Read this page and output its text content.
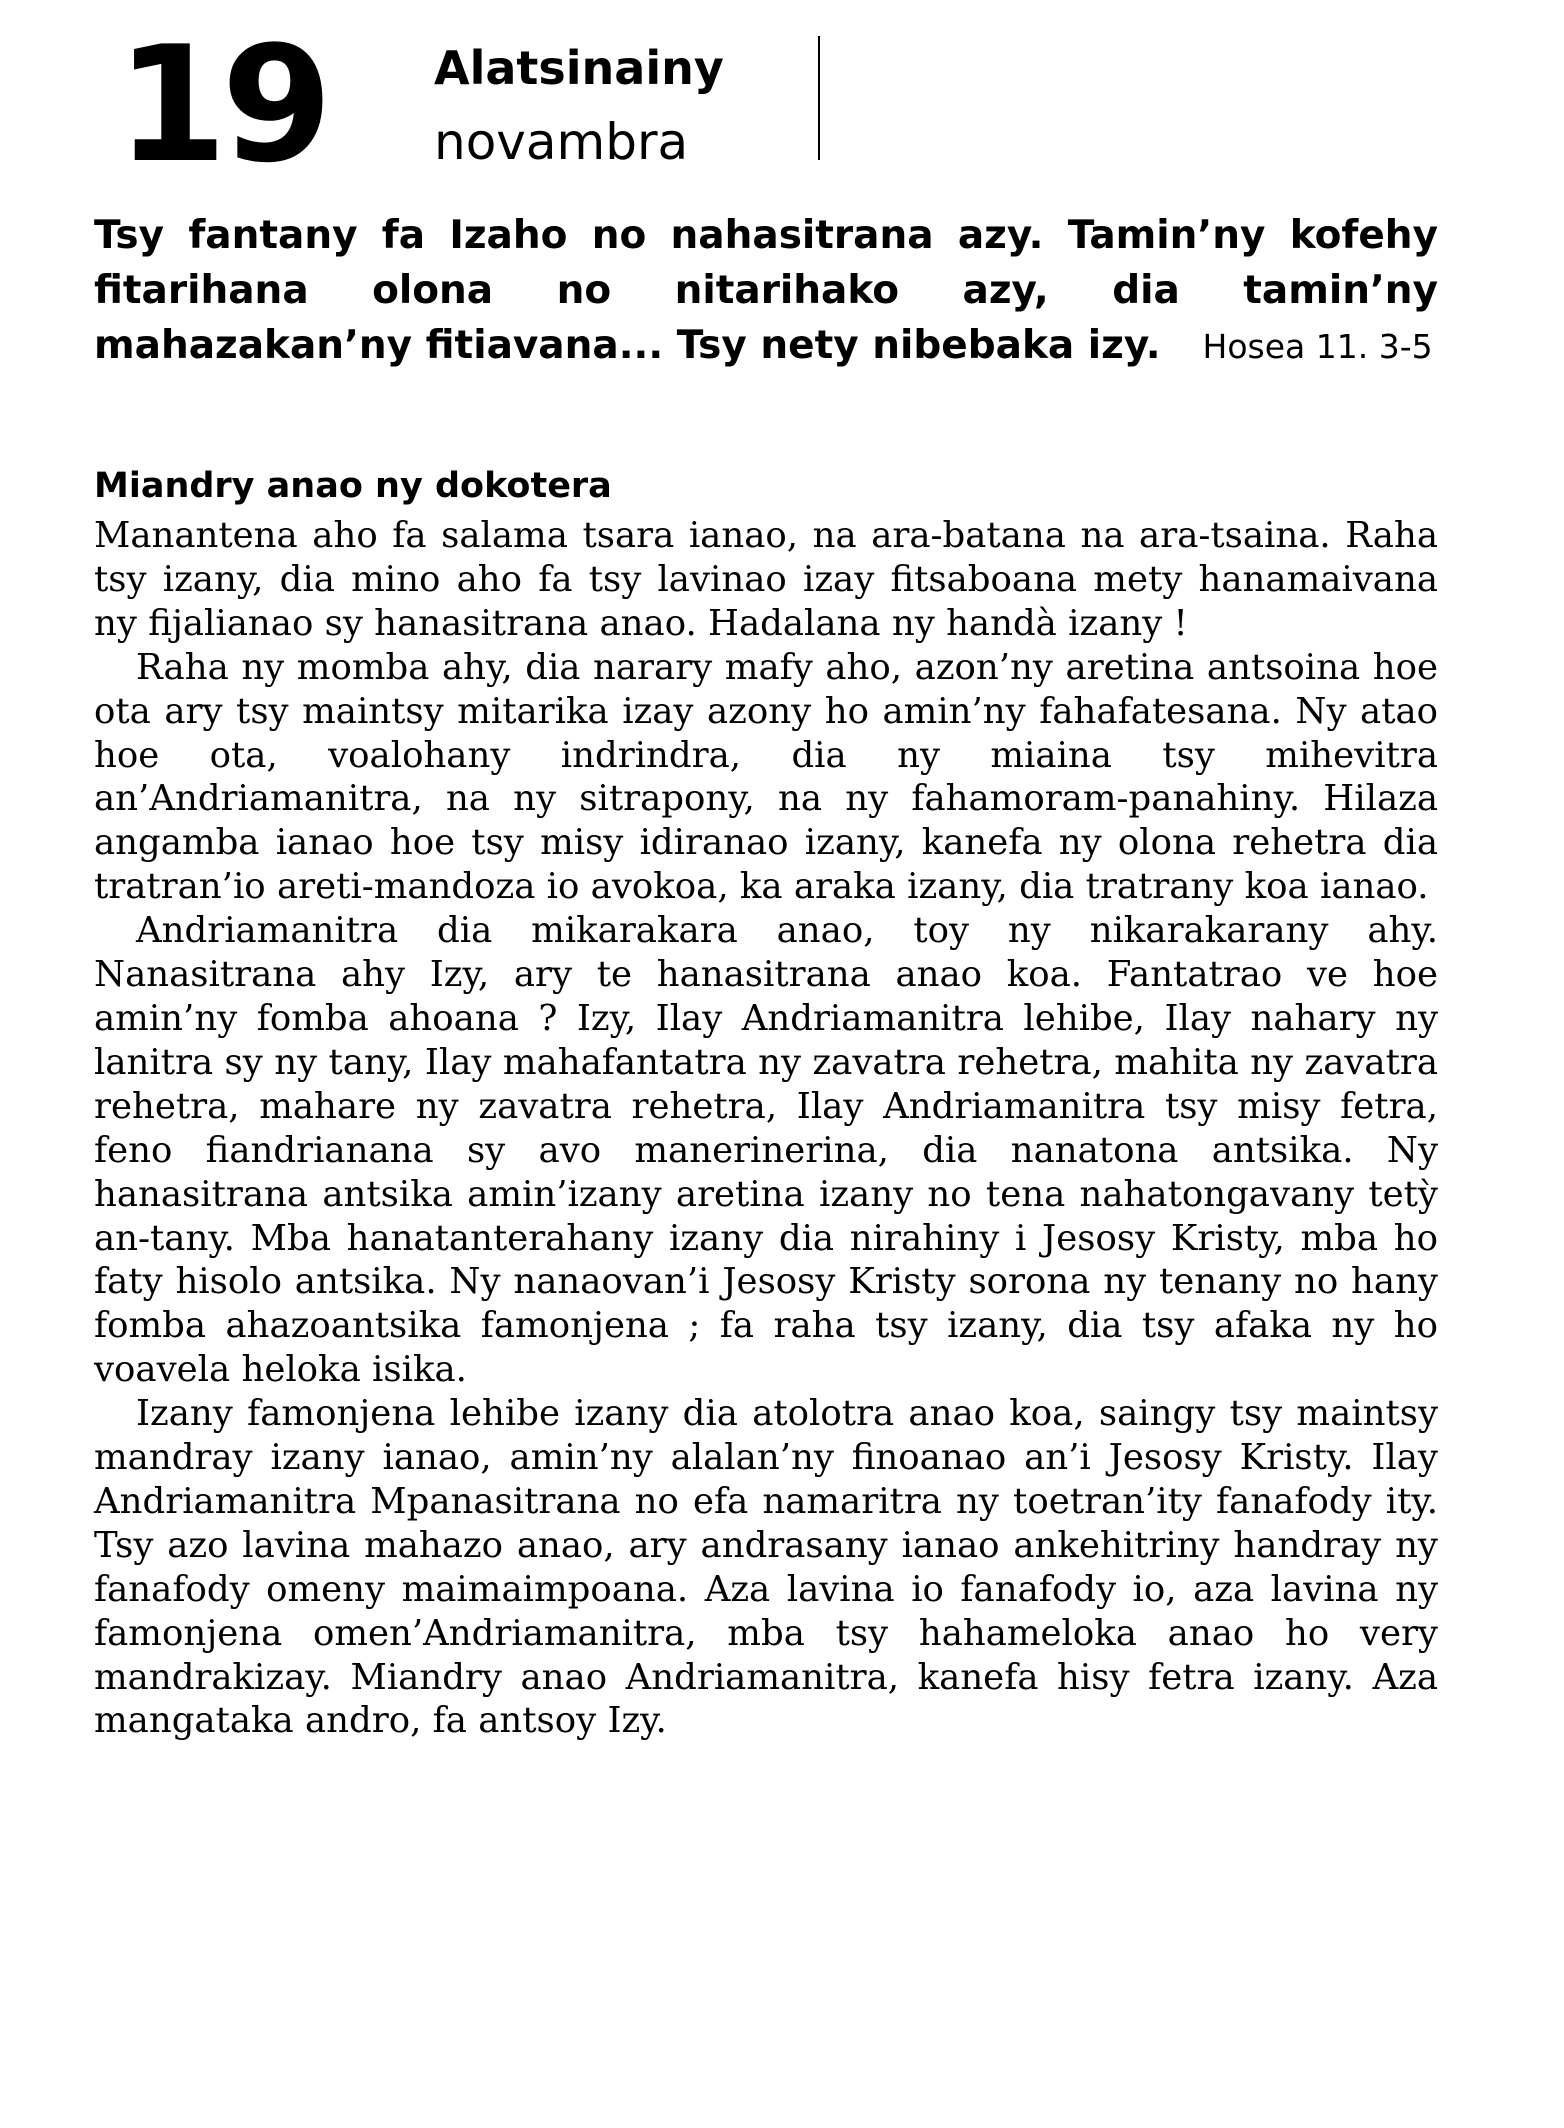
19 Alatsinainy
novambra
Tsy fantany fa Izaho no nahasitrana azy. Tamin’ny kofehy fitarihana olona no nitarihako azy, dia tamin’ny mahazakan’ny fitiavana... Tsy nety nibebaka izy. Hosea 11. 3-5
Miandry anao ny dokotera

Manantena aho fa salama tsara ianao, na ara-batana na ara-tsaina. Raha tsy izany, dia mino aho fa tsy lavinao izay fitsaboana mety hanamaivana ny fijalianao sy hanasitrana anao. Hadalana ny handà izany !

Raha ny momba ahy, dia narary mafy aho, azon’ny aretina antsoina hoe ota ary tsy maintsy mitarika izay azony ho amin’ny fahafatesana. Ny atao hoe ota, voalohany indrindra, dia ny miaina tsy mihevitra an’Andriamanitra, na ny sitrapony, na ny fahamoram-panahiny. Hilaza angamba ianao hoe tsy misy idiranao izany, kanefa ny olona rehetra dia tratran’io areti-mandoza io avokoa, ka araka izany, dia tratrany koa ianao.

Andriamanitra dia mikarakara anao, toy ny nikarakarany ahy. Nanasitrana ahy Izy, ary te hanasitrana anao koa. Fantatrao ve hoe amin’ny fomba ahoana ? Izy, Ilay Andriamanitra lehibe, Ilay nahary ny lanitra sy ny tany, Ilay mahafantatra ny zavatra rehetra, mahita ny zavatra rehetra, mahare ny zavatra rehetra, Ilay Andriamanitra tsy misy fetra, feno fiandrianana sy avo manerinerina, dia nanatona antsika. Ny hanasitrana antsika amin’izany aretina izany no tena nahatongavany tetỳ an-tany. Mba hanatanterahany izany dia nirahiny i Jesosy Kristy, mba ho faty hisolo antsika. Ny nanaovan’i Jesosy Kristy sorona ny tenany no hany fomba ahazoantsika famonjena ; fa raha tsy izany, dia tsy afaka ny ho voavela heloka isika.

Izany famonjena lehibe izany dia atolotra anao koa, saingy tsy maintsy mandray izany ianao, amin’ny alalan’ny finoanao an’i Jesosy Kristy. Ilay Andriamanitra Mpanasitrana no efa namaritra ny toetran’ity fanafody ity. Tsy azo lavina mahazo anao, ary andrasany ianao ankehitriny handray ny fanafody omeny maimaimpoana. Aza lavina io fanafody io, aza lavina ny famonjena omen’Andriamanitra, mba tsy hahameloka anao ho very mandrakizay. Miandry anao Andriamanitra, kanefa hisy fetra izany. Aza mangataka andro, fa antsoy Izy.
